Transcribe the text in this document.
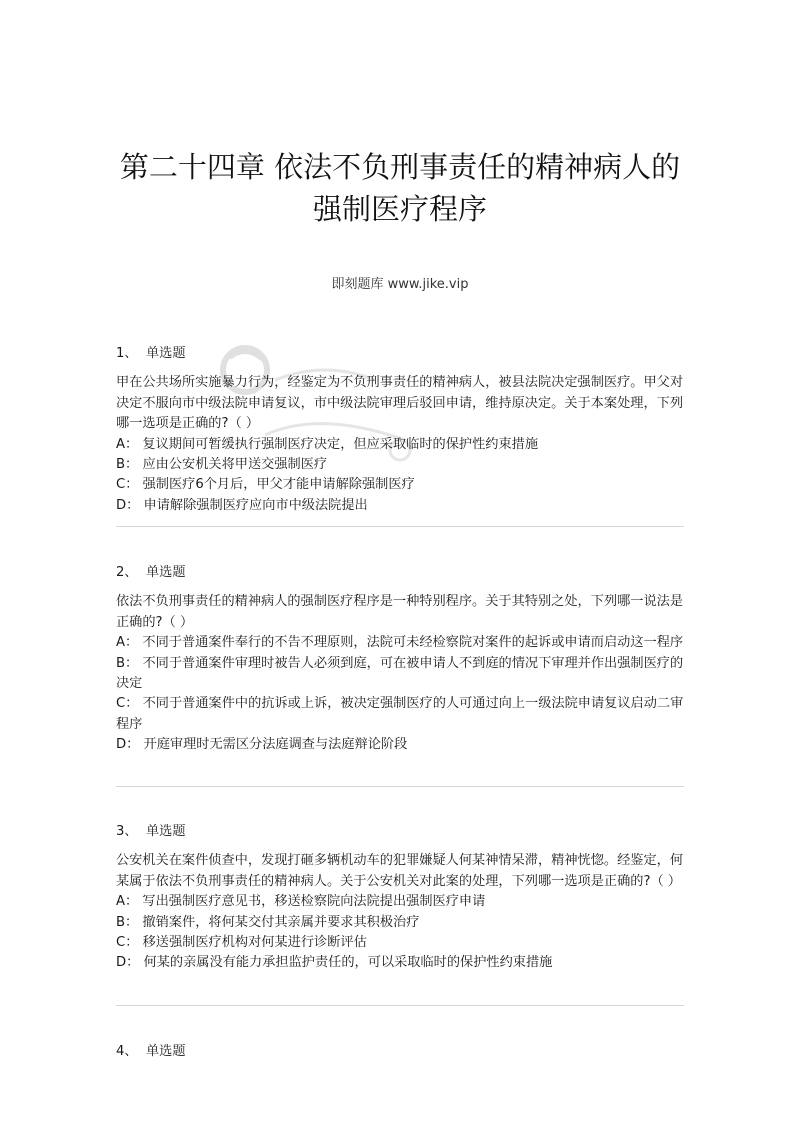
第二十四章 依法不负刑事责任的精神病人的
强制医疗程序
即刻题库 www.jike.vip

1、 单选题

甲在公共场所实施暴力行为，经鉴定为不负刑事责任的精神病人，被县法院决定强制医疗。甲父对决定不服向市中级法院申请复议，市中级法院审理后驳回申请，维持原决定。关于本案处理，下列哪一选项是正确的?（ ）

A： 复议期间可暂缓执行强制医疗决定，但应采取临时的保护性约束措施

B： 应由公安机关将甲送交强制医疗

C： 强制医疗6个月后，甲父才能申请解除强制医疗

D： 申请解除强制医疗应向市中级法院提出

2、 单选题

依法不负刑事责任的精神病人的强制医疗程序是一种特别程序。关于其特别之处，下列哪一说法是正确的?（ ）

A： 不同于普通案件奉行的不告不理原则，法院可未经检察院对案件的起诉或申请而启动这一程序

B： 不同于普通案件审理时被告人必须到庭，可在被申请人不到庭的情况下审理并作出强制医疗的决定

C： 不同于普通案件中的抗诉或上诉，被决定强制医疗的人可通过向上一级法院申请复议启动二审程序

D： 开庭审理时无需区分法庭调查与法庭辩论阶段

3、 单选题

公安机关在案件侦查中，发现打砸多辆机动车的犯罪嫌疑人何某神情呆滞，精神恍惚。经鉴定，何某属于依法不负刑事责任的精神病人。关于公安机关对此案的处理，下列哪一选项是正确的?（ ）

A： 写出强制医疗意见书，移送检察院向法院提出强制医疗申请

B： 撤销案件，将何某交付其亲属并要求其积极治疗

C： 移送强制医疗机构对何某进行诊断评估

D： 何某的亲属没有能力承担监护责任的，可以采取临时的保护性约束措施

4、 单选题
